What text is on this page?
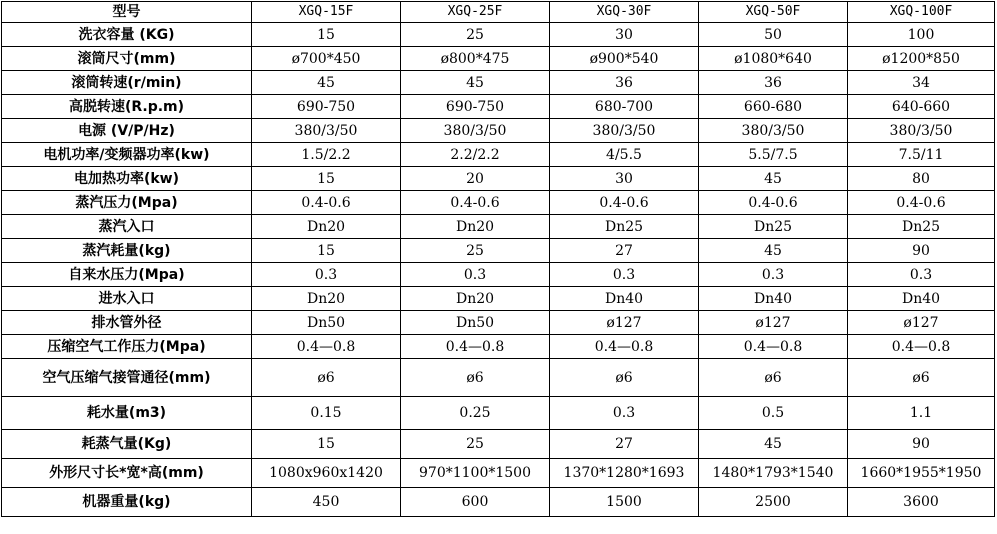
型号	XGQ-15F	XGQ-25F	XGQ-30F	XGQ-50F	XGQ-100F
洗衣容量 (KG)	15	25	30	50	100
滚筒尺寸(mm)	ø700*450	ø800*475	ø900*540	ø1080*640	ø1200*850
滚筒转速(r/min)	45	45	36	36	34
高脱转速(R.p.m)	690-750	690-750	680-700	660-680	640-660
电源 (V/P/Hz)	380/3/50	380/3/50	380/3/50	380/3/50	380/3/50
电机功率/变频器功率(kw)	1.5/2.2	2.2/2.2	4/5.5	5.5/7.5	7.5/11
电加热功率(kw)	15	20	30	45	80
蒸汽压力(Mpa)	0.4-0.6	0.4-0.6	0.4-0.6	0.4-0.6	0.4-0.6
蒸汽入口	Dn20	Dn20	Dn25	Dn25	Dn25
蒸汽耗量(kg)	15	25	27	45	90
自来水压力(Mpa)	0.3	0.3	0.3	0.3	0.3
进水入口	Dn20	Dn20	Dn40	Dn40	Dn40
排水管外径	Dn50	Dn50	ø127	ø127	ø127
压缩空气工作压力(Mpa)	0.4—0.8	0.4—0.8	0.4—0.8	0.4—0.8	0.4—0.8
空气压缩气接管通径(mm)	ø6	ø6	ø6	ø6	ø6
耗水量(m3)	0.15	0.25	0.3	0.5	1.1
耗蒸气量(Kg)	15	25	27	45	90
外形尺寸长*宽*高(mm)	1080x960x1420	970*1100*1500	1370*1280*1693	1480*1793*1540	1660*1955*1950
机器重量(kg)	450	600	1500	2500	3600
